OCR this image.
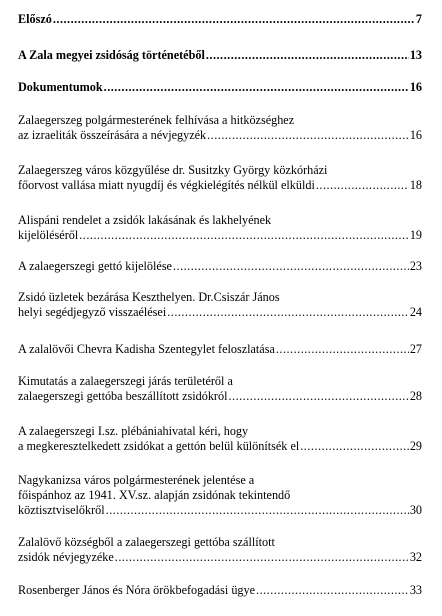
Előszó .....	7
A Zala megyei zsidóság történetéből .....	13
Dokumentumok .....	16
Zalaegerszeg polgármesterének felhívása a hitközséghez
az izraeliták összeírására a névjegyzék .....	16
Zalaegerszeg város közgyűlése dr. Susitzky György közkórházi
főorvost vallása miatt nyugdíj és végkielégítés nélkül elküldi .....	18
Alispáni rendelet a zsidók lakásának és lakhelyének
kijelöléséről .....	19
A zalaegerszegi gettó kijelölése .....	23
Zsidó üzletek bezárása Keszthelyen. Dr.Csiszár János
helyi segédjegyző visszaélései .....	24
A zalalövői Chevra Kadisha Szentegylet feloszlatása .....	27
Kimutatás a zalaegerszegi járás területéről a
zalaegerszegi gettóba beszállított zsidókról .....	28
A zalaegerszegi I.sz. plébániahivatal kéri, hogy
a megkeresztelkedett zsidókat a gettón belül különítsék el .....	29
Nagykanizsa város polgármesterének jelentése a
főispánhoz az 1941. XV.sz. alapján zsidónak tekintendő
köztisztviselőkről .....	30
Zalalövő községből a zalaegerszegi gettóba szállított
zsidók névjegyzéke .....	32
Rosenberger János és Nóra örökbefogadási ügye .....	33
